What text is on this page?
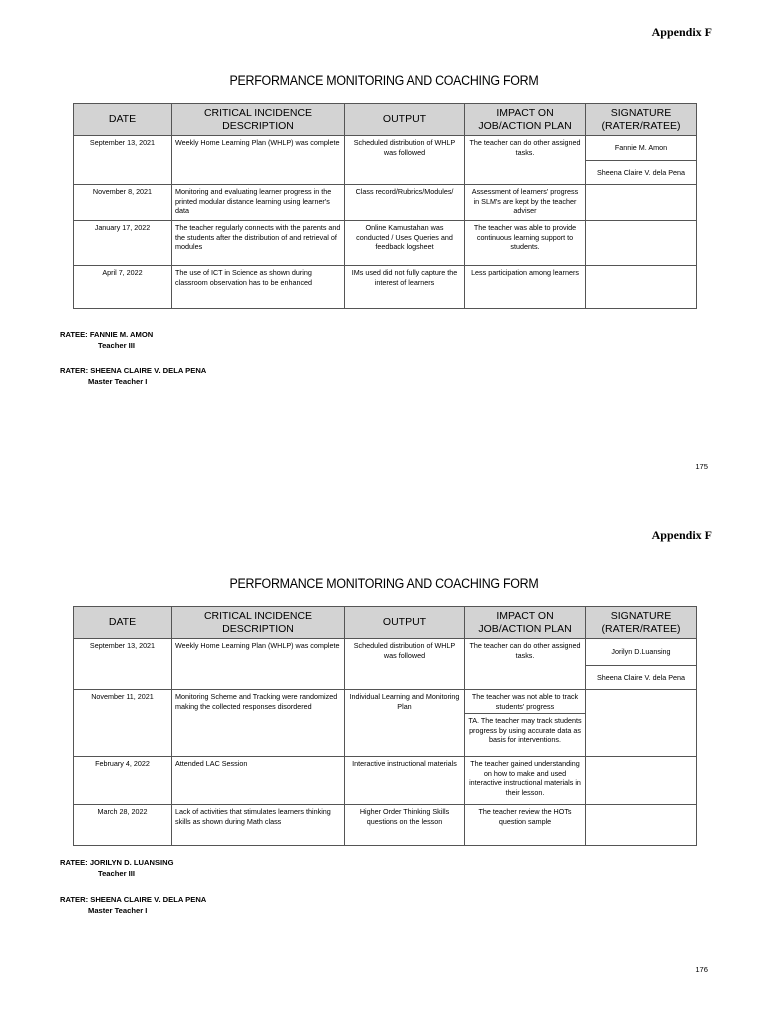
Appendix F
PERFORMANCE MONITORING AND COACHING FORM
DATE	CRITICAL INCIDENCE DESCRIPTION	OUTPUT	IMPACT ON JOB/ACTION PLAN	SIGNATURE (RATER/RATEE)
September 13, 2021	Weekly Home Learning Plan (WHLP) was complete	Scheduled distribution of WHLP was followed	The teacher can do other assigned tasks.	Fannie M. Amon
				Sheena Claire V. dela Pena
November 8, 2021	Monitoring and evaluating learner progress in the printed modular distance learning using learner's data	Class record/Rubrics/Modules/	Assessment of learners' progress in SLM's are kept by the teacher adviser	
January 17, 2022	The teacher regularly connects with the parents and the students after the distribution of and retrieval of modules	Online Kamustahan was conducted / Uses Queries and feedback logsheet	The teacher was able to provide continuous learning support to students.	
April 7, 2022	The use of ICT in Science as shown during classroom observation has to be enhanced	IMs used did not fully capture the interest of learners	Less participation among learners	
RATEE: FANNIE M. AMON
Teacher III
RATER: SHEENA CLAIRE V. DELA PENA
Master Teacher I
175
Appendix F
PERFORMANCE MONITORING AND COACHING FORM
DATE	CRITICAL INCIDENCE DESCRIPTION	OUTPUT	IMPACT ON JOB/ACTION PLAN	SIGNATURE (RATER/RATEE)
September 13, 2021	Weekly Home Learning Plan (WHLP) was complete	Scheduled distribution of WHLP was followed	The teacher can do other assigned tasks.	Jorilyn D.Luansing
				Sheena Claire V. dela Pena
November 11, 2021	Monitoring Scheme and Tracking were randomized making the collected responses disordered	Individual Learning and Monitoring Plan	The teacher was not able to track students' progress	
			TA. The teacher may track students progress by using accurate data as basis for interventions.	
February 4, 2022	Attended LAC Session	Interactive instructional materials	The teacher gained understanding on how to make and used interactive instructional materials in their lesson.	
March 28, 2022	Lack of activities that stimulates learners thinking skills as shown during Math class	Higher Order Thinking Skills questions on the lesson	The teacher review the HOTs question sample	
RATEE: JORILYN D. LUANSING
Teacher III
RATER: SHEENA CLAIRE V. DELA PENA
Master Teacher I
176
